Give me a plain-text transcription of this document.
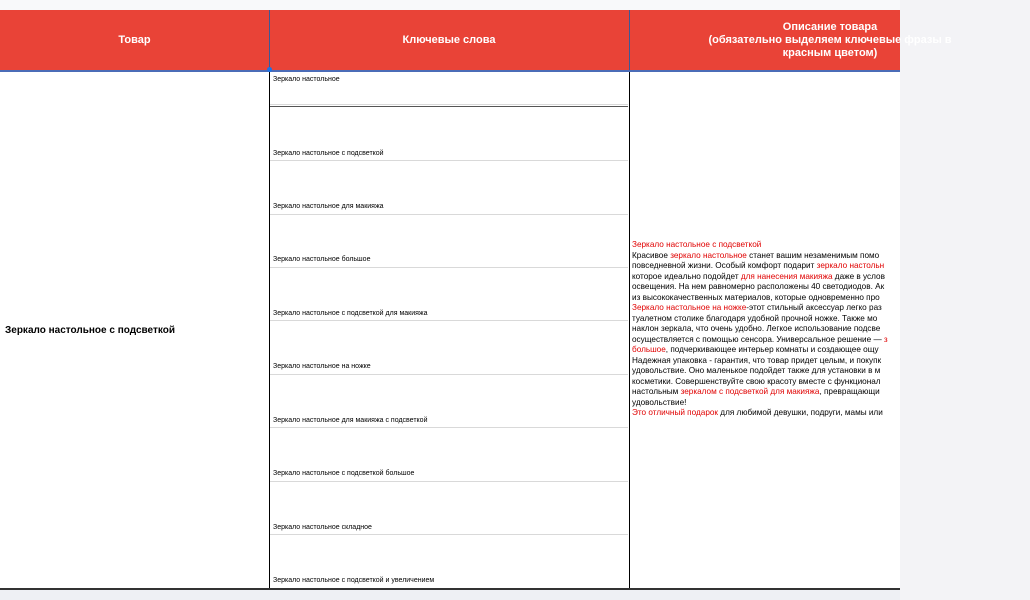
Товар	Ключевые слова
Описание товара
(обязательно выделяем ключевые фразы в
красным цветом)
Зеркало настольное с подсветкой
Зеркало настольное
Зеркало настольное с подсветкой
Зеркало настольное для макияжа
Зеркало настольное большое
Зеркало настольное с подсветкой для макияжа
Зеркало настольное на ножке
Зеркало настольное для макияжа с подсветкой
Зеркало настольное с подсветкой большое
Зеркало настольное складное
Зеркало настольное с подсветкой и увеличением

Зеркало настольное с подсветкой

Красивое зеркало настольное станет вашим незаменимым помо

повседневной жизни. Особый комфорт подарит зеркало настольн

которое идеально подойдет для нанесения макияжа даже в услов

освещения. На нем равномерно расположены 40 светодиодов. Ак

из высококачественных материалов, которые одновременно про

Зеркало настольное на ножке-этот стильный аксессуар легко раз

туалетном столике благодаря удобной прочной ножке. Также мо

наклон зеркала, что очень удобно. Легкое использование подсве

осуществляется с помощью сенсора. Универсальное решение — з

большое, подчеркивающее интерьер комнаты и создающее ощу

Надежная упаковка - гарантия, что товар придет целым, и покупк

удовольствие. Оно маленькое подойдет также для установки в м

косметики. Совершенствуйте свою красоту вместе с функционал

настольным зеркалом с подсветкой для макияжа, превращающи

удовольствие!

Это отличный подарок для любимой девушки, подруги, мамы или
